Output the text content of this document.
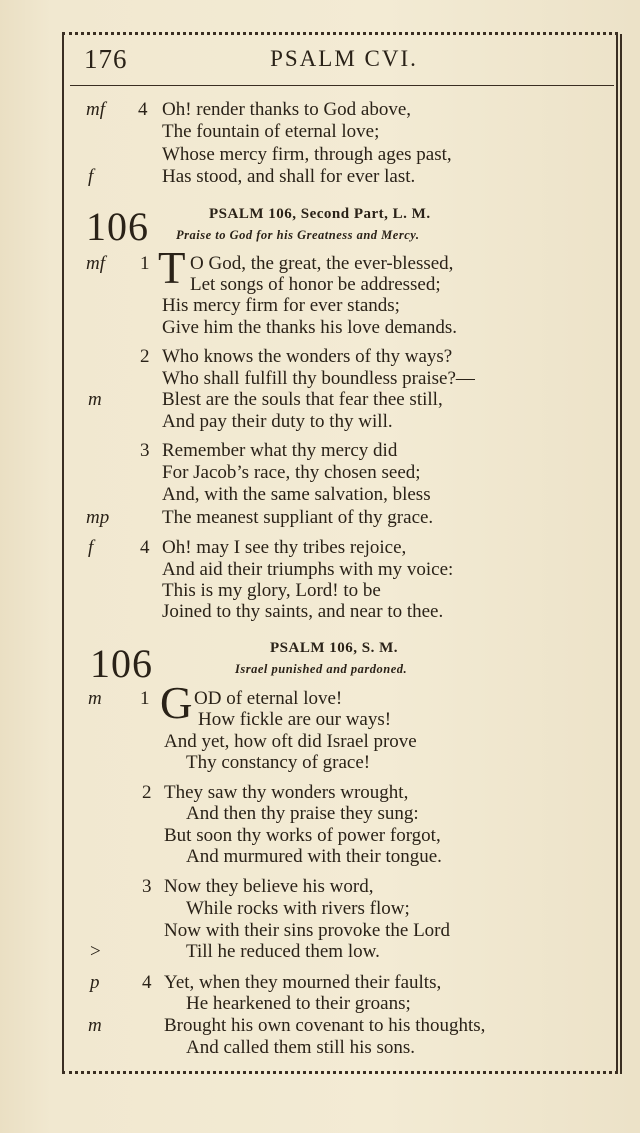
176	PSALM CVI.
mf 4 Oh! render thanks to God above,
The fountain of eternal love;
Whose mercy firm, through ages past,
f	Has stood, and shall for ever last.
106	PSALM 106, Second Part, L. M.
Praise to God for his Greatness and Mercy.
mf 1 T O God, the great, the ever-blessed,
Let songs of honor be addressed;
His mercy firm for ever stands;
Give him the thanks his love demands.
2 Who knows the wonders of thy ways?
Who shall fulfill thy boundless praise?—
m	Blest are the souls that fear thee still,
And pay their duty to thy will.
3 Remember what thy mercy did
For Jacob’s race, thy chosen seed;
And, with the same salvation, bless
mp	The meanest suppliant of thy grace.
f 4 Oh! may I see thy tribes rejoice,
And aid their triumphs with my voice:
This is my glory, Lord! to be
Joined to thy saints, and near to thee.
106	PSALM 106, S. M.
Israel punished and pardoned.
m 1 G OD of eternal love!
How fickle are our ways!
And yet, how oft did Israel prove
Thy constancy of grace!
2 They saw thy wonders wrought,
And then thy praise they sung:
But soon thy works of power forgot,
And murmured with their tongue.
3 Now they believe his word,
While rocks with rivers flow;
Now with their sins provoke the Lord
>	Till he reduced them low.
p 4 Yet, when they mourned their faults,
He hearkened to their groans;
m	Brought his own covenant to his thoughts,
And called them still his sons.
